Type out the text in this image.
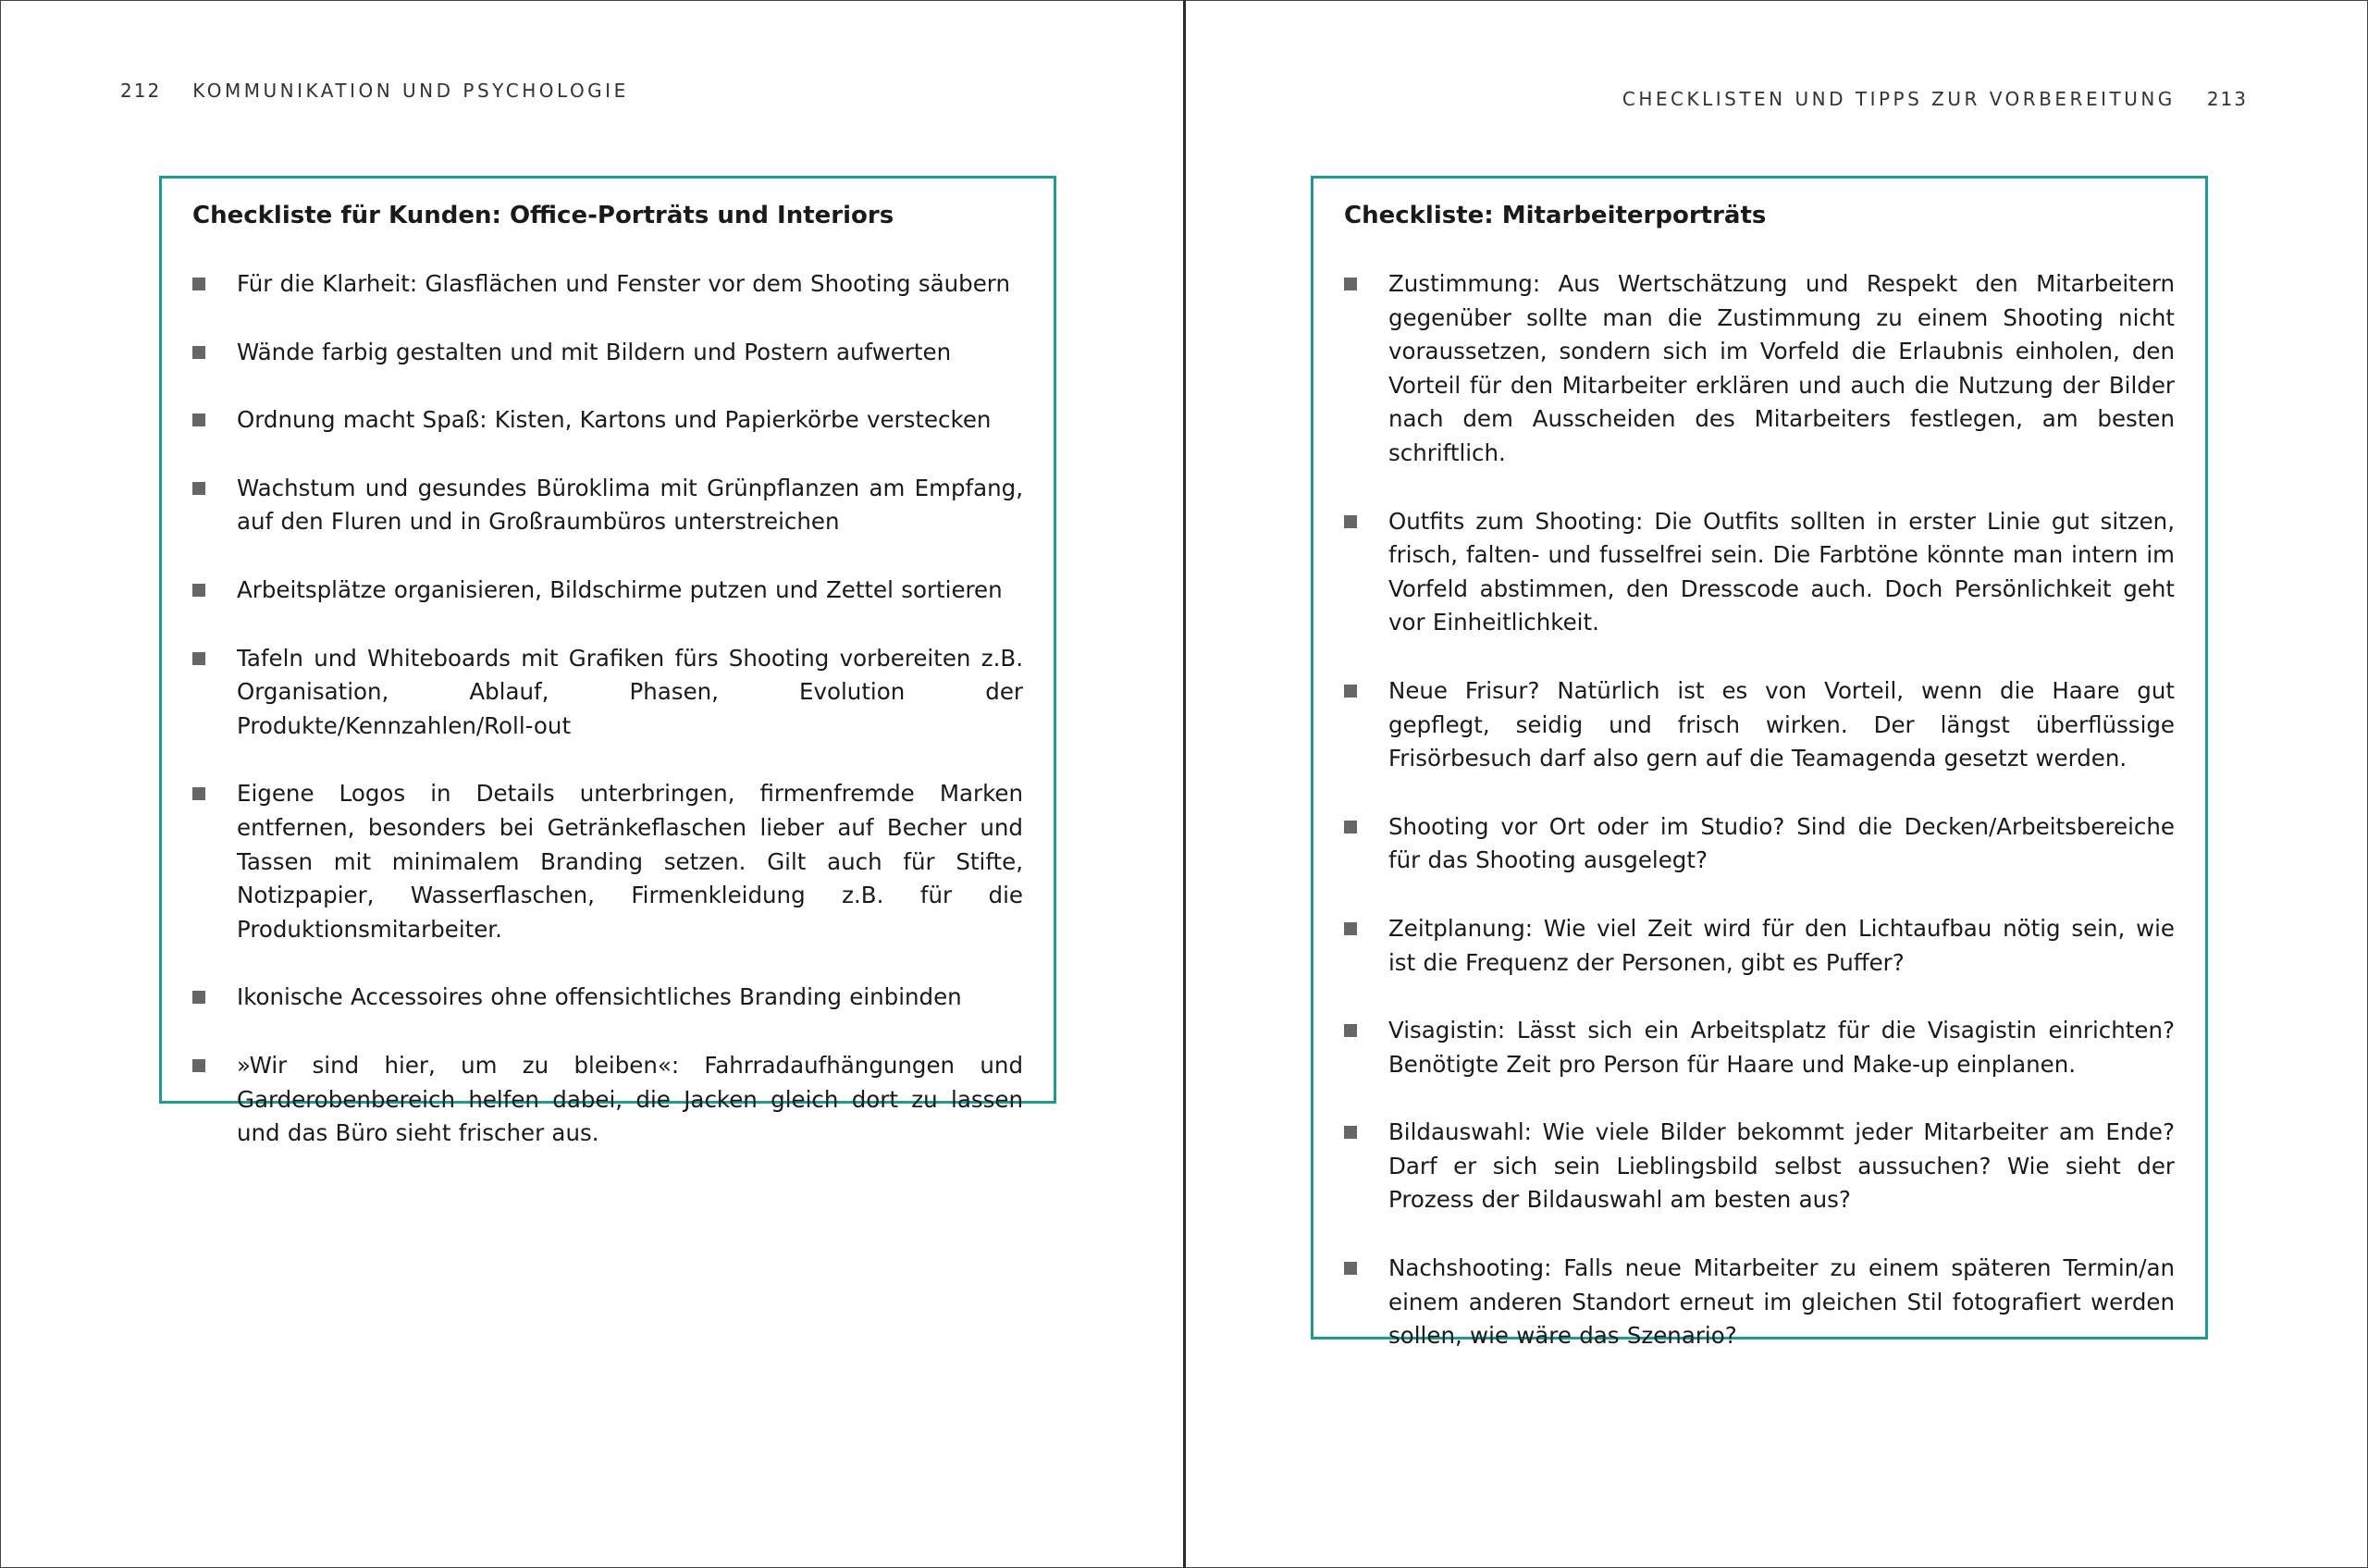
212 KOMMUNIKATION UND PSYCHOLOGIE
Checkliste für Kunden: Office-Porträts und Interiors
Für die Klarheit: Glasflächen und Fenster vor dem Shooting säubern
Wände farbig gestalten und mit Bildern und Postern aufwerten
Ordnung macht Spaß: Kisten, Kartons und Papierkörbe verstecken
Wachstum und gesundes Büroklima mit Grünpflanzen am Empfang, auf den Fluren und in Großraumbüros unterstreichen
Arbeitsplätze organisieren, Bildschirme putzen und Zettel sortieren
Tafeln und Whiteboards mit Grafiken fürs Shooting vorbereiten z.B. Organisation, Ablauf, Phasen, Evolution der Produkte/Kennzahlen/Roll-out
Eigene Logos in Details unterbringen, firmenfremde Marken entfernen, besonders bei Getränkeflaschen lieber auf Becher und Tassen mit minimalem Branding setzen. Gilt auch für Stifte, Notizpapier, Wasserflaschen, Firmenkleidung z.B. für die Produktionsmitarbeiter.
Ikonische Accessoires ohne offensichtliches Branding einbinden
»Wir sind hier, um zu bleiben«: Fahrradaufhängungen und Garderobenbereich helfen dabei, die Jacken gleich dort zu lassen und das Büro sieht frischer aus.
CHECKLISTEN UND TIPPS ZUR VORBEREITUNG 213
Checkliste: Mitarbeiterporträts
Zustimmung: Aus Wertschätzung und Respekt den Mitarbeitern gegenüber sollte man die Zustimmung zu einem Shooting nicht voraussetzen, sondern sich im Vorfeld die Erlaubnis einholen, den Vorteil für den Mitarbeiter erklären und auch die Nutzung der Bilder nach dem Ausscheiden des Mitarbeiters festlegen, am besten schriftlich.
Outfits zum Shooting: Die Outfits sollten in erster Linie gut sitzen, frisch, falten- und fusselfrei sein. Die Farbtöne könnte man intern im Vorfeld abstimmen, den Dresscode auch. Doch Persönlichkeit geht vor Einheitlichkeit.
Neue Frisur? Natürlich ist es von Vorteil, wenn die Haare gut gepflegt, seidig und frisch wirken. Der längst überflüssige Frisörbesuch darf also gern auf die Teamagenda gesetzt werden.
Shooting vor Ort oder im Studio? Sind die Decken/Arbeitsbereiche für das Shooting ausgelegt?
Zeitplanung: Wie viel Zeit wird für den Lichtaufbau nötig sein, wie ist die Frequenz der Personen, gibt es Puffer?
Visagistin: Lässt sich ein Arbeitsplatz für die Visagistin einrichten? Benötigte Zeit pro Person für Haare und Make-up einplanen.
Bildauswahl: Wie viele Bilder bekommt jeder Mitarbeiter am Ende? Darf er sich sein Lieblingsbild selbst aussuchen? Wie sieht der Prozess der Bildauswahl am besten aus?
Nachshooting: Falls neue Mitarbeiter zu einem späteren Termin/an einem anderen Standort erneut im gleichen Stil fotografiert werden sollen, wie wäre das Szenario?
